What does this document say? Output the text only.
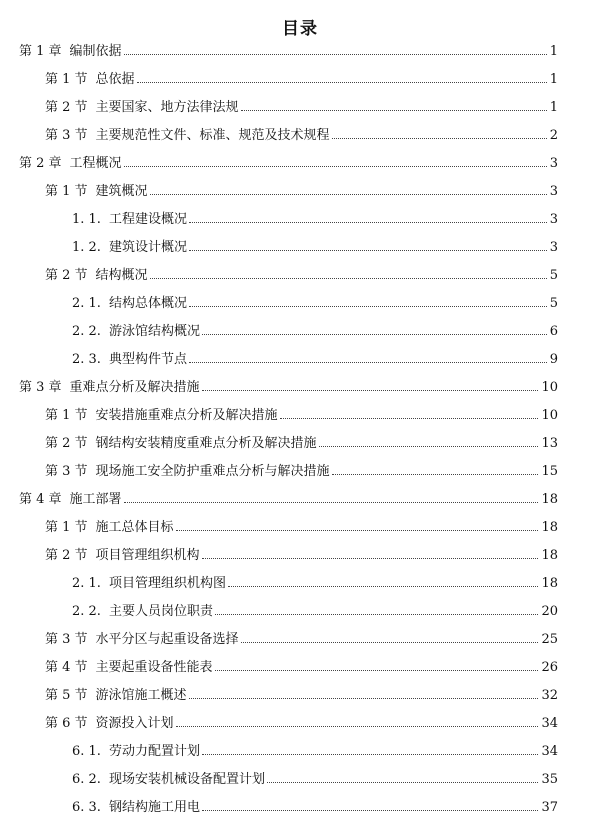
目录
第 1 章 编制依据	1
第 1 节 总依据	1
第 2 节 主要国家、地方法律法规	1
第 3 节 主要规范性文件、标准、规范及技术规程	2
第 2 章 工程概况	3
第 1 节 建筑概况	3
1. 1. 工程建设概况	3
1. 2. 建筑设计概况	3
第 2 节 结构概况	5
2. 1. 结构总体概况	5
2. 2. 游泳馆结构概况	6
2. 3. 典型构件节点	9
第 3 章 重难点分析及解决措施	10
第 1 节 安装措施重难点分析及解决措施	10
第 2 节 钢结构安装精度重难点分析及解决措施	13
第 3 节 现场施工安全防护重难点分析与解决措施	15
第 4 章 施工部署	18
第 1 节 施工总体目标	18
第 2 节 项目管理组织机构	18
2. 1. 项目管理组织机构图	18
2. 2. 主要人员岗位职责	20
第 3 节 水平分区与起重设备选择	25
第 4 节 主要起重设备性能表	26
第 5 节 游泳馆施工概述	32
第 6 节 资源投入计划	34
6. 1. 劳动力配置计划	34
6. 2. 现场安装机械设备配置计划	35
6. 3. 钢结构施工用电	37
